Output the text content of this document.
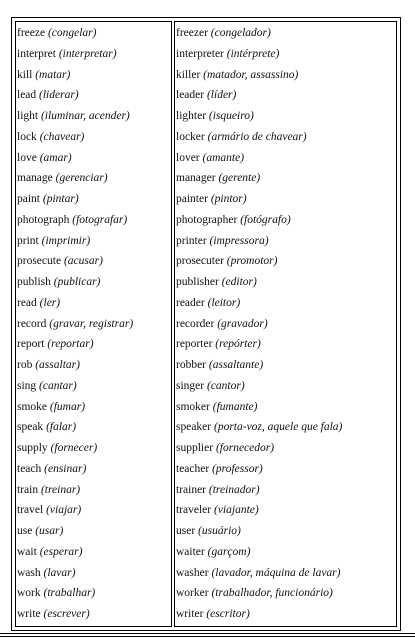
freeze (congelar)
interpret (interpretar)
kill (matar)
lead (liderar)
light (iluminar, acender)
lock (chavear)
love (amar)
manage (gerenciar)
paint (pintar)
photograph (fotografar)
print (imprimir)
prosecute (acusar)
publish (publicar)
read (ler)
record (gravar, registrar)
report (reportar)
rob (assaltar)
sing (cantar)
smoke (fumar)
speak (falar)
supply (fornecer)
teach (ensinar)
train (treinar)
travel (viajar)
use (usar)
wait (esperar)
wash (lavar)
work (trabalhar)
write (escrever)
freezer (congelador)
interpreter (intérprete)
killer (matador, assassino)
leader (líder)
lighter (isqueiro)
locker (armário de chavear)
lover (amante)
manager (gerente)
painter (pintor)
photographer (fotógrafo)
printer (impressora)
prosecuter (promotor)
publisher (editor)
reader (leitor)
recorder (gravador)
reporter (repórter)
robber (assaltante)
singer (cantor)
smoker (fumante)
speaker (porta-voz, aquele que fala)
supplier (fornecedor)
teacher (professor)
trainer (treinador)
traveler (viajante)
user (usuário)
waiter (garçom)
washer (lavador, máquina de lavar)
worker (trabalhador, funcionário)
writer (escritor)
